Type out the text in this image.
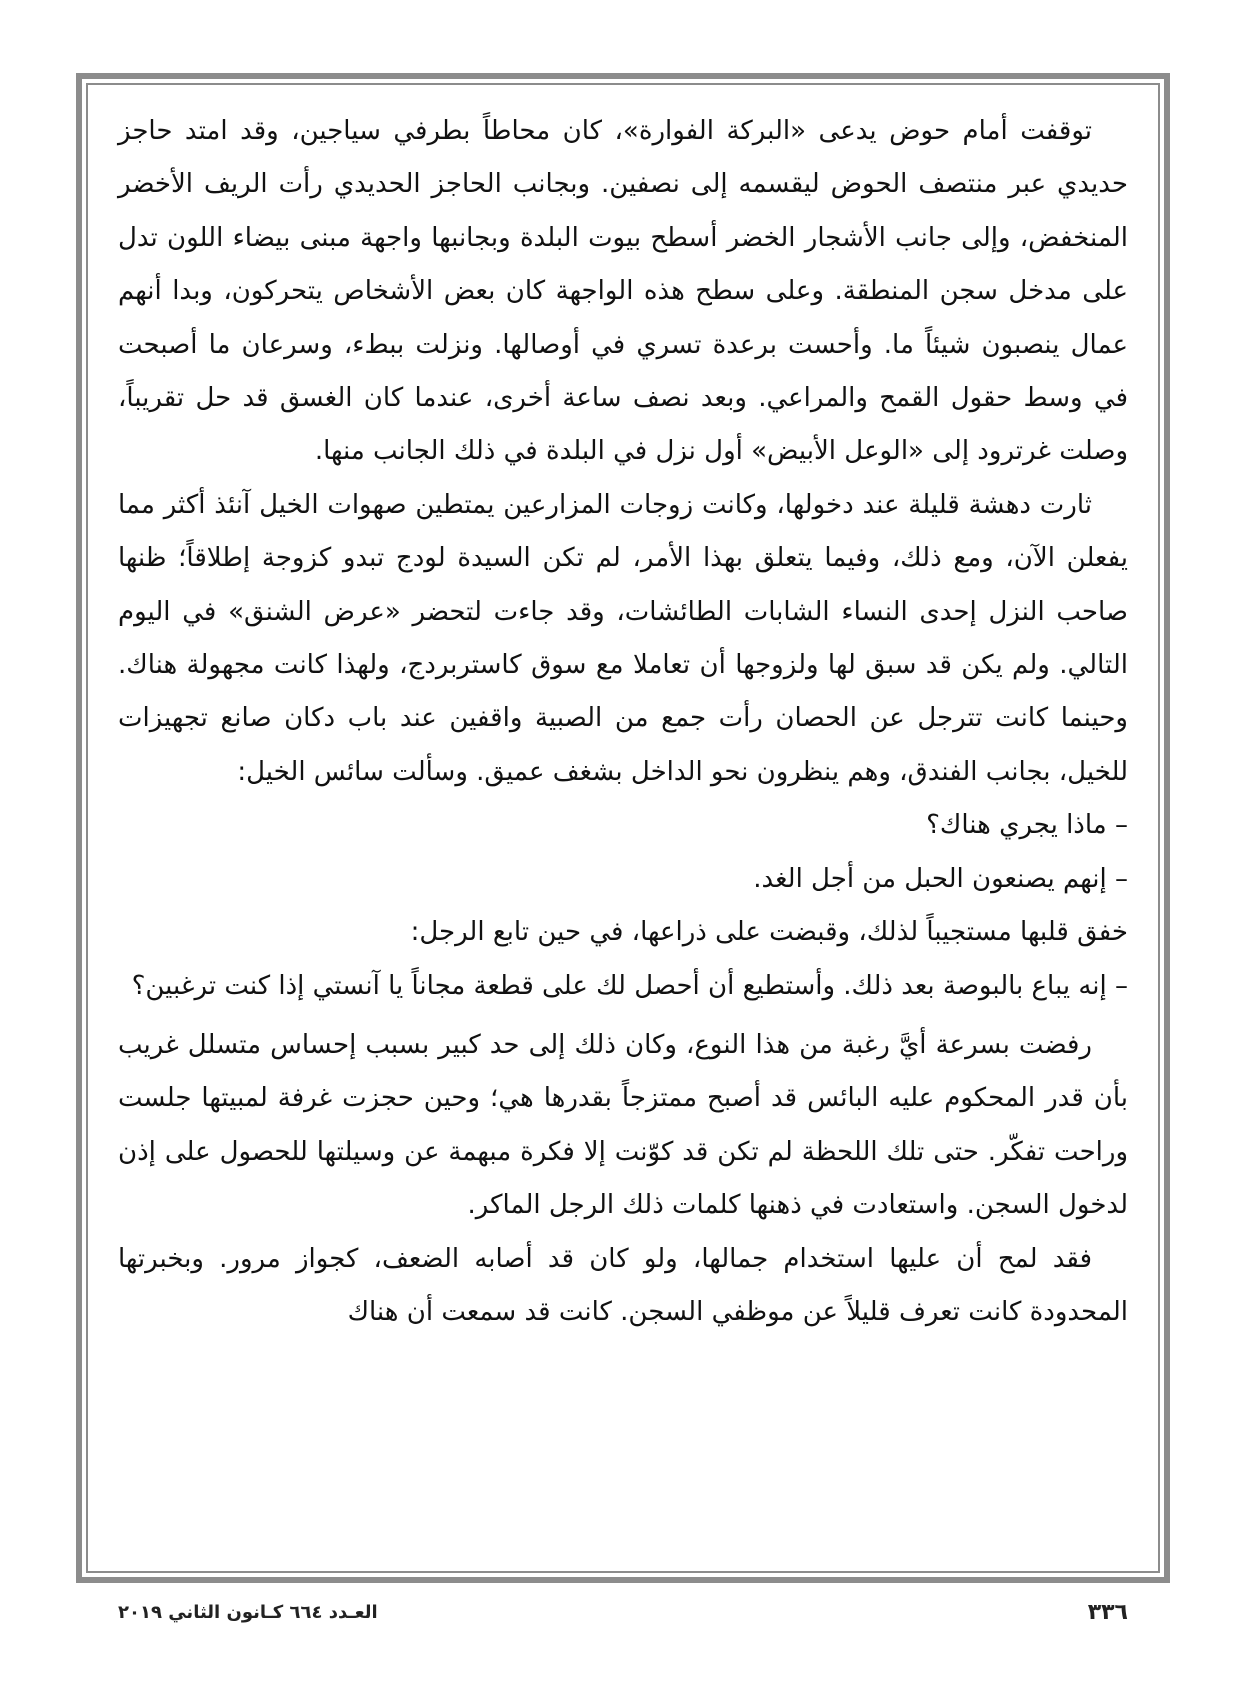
توقفت أمام حوض يدعى «البركة الفوارة»، كان محاطاً بطرفي سياجين، وقد امتد حاجز حديدي عبر منتصف الحوض ليقسمه إلى نصفين. وبجانب الحاجز الحديدي رأت الريف الأخضر المنخفض، وإلى جانب الأشجار الخضر أسطح بيوت البلدة وبجانبها واجهة مبنى بيضاء اللون تدل على مدخل سجن المنطقة. وعلى سطح هذه الواجهة كان بعض الأشخاص يتحركون، وبدا أنهم عمال ينصبون شيئاً ما. وأحست برعدة تسري في أوصالها. ونزلت ببطء، وسرعان ما أصبحت في وسط حقول القمح والمراعي. وبعد نصف ساعة أخرى، عندما كان الغسق قد حل تقريباً، وصلت غرترود إلى «الوعل الأبيض» أول نزل في البلدة في ذلك الجانب منها.

ثارت دهشة قليلة عند دخولها، وكانت زوجات المزارعين يمتطين صهوات الخيل آنئذ أكثر مما يفعلن الآن، ومع ذلك، وفيما يتعلق بهذا الأمر، لم تكن السيدة لودج تبدو كزوجة إطلاقاً؛ ظنها صاحب النزل إحدى النساء الشابات الطائشات، وقد جاءت لتحضر «عرض الشنق» في اليوم التالي. ولم يكن قد سبق لها ولزوجها أن تعاملا مع سوق كاستربردج، ولهذا كانت مجهولة هناك. وحينما كانت تترجل عن الحصان رأت جمع من الصبية واقفين عند باب دكان صانع تجهيزات للخيل، بجانب الفندق، وهم ينظرون نحو الداخل بشغف عميق. وسألت سائس الخيل:

– ماذا يجري هناك؟

– إنهم يصنعون الحبل من أجل الغد.

خفق قلبها مستجيباً لذلك، وقبضت على ذراعها، في حين تابع الرجل:

– إنه يباع بالبوصة بعد ذلك. وأستطيع أن أحصل لك على قطعة مجاناً يا آنستي إذا كنت ترغبين؟

رفضت بسرعة أيَّ رغبة من هذا النوع، وكان ذلك إلى حد كبير بسبب إحساس متسلل غريب بأن قدر المحكوم عليه البائس قد أصبح ممتزجاً بقدرها هي؛ وحين حجزت غرفة لمبيتها جلست وراحت تفكّر. حتى تلك اللحظة لم تكن قد كوّنت إلا فكرة مبهمة عن وسيلتها للحصول على إذن لدخول السجن. واستعادت في ذهنها كلمات ذلك الرجل الماكر.

فقد لمح أن عليها استخدام جمالها، ولو كان قد أصابه الضعف، كجواز مرور. وبخبرتها المحدودة كانت تعرف قليلاً عن موظفي السجن. كانت قد سمعت أن هناك

٣٣٦
العـدد ٦٦٤ كـانون الثاني ٢٠١٩
